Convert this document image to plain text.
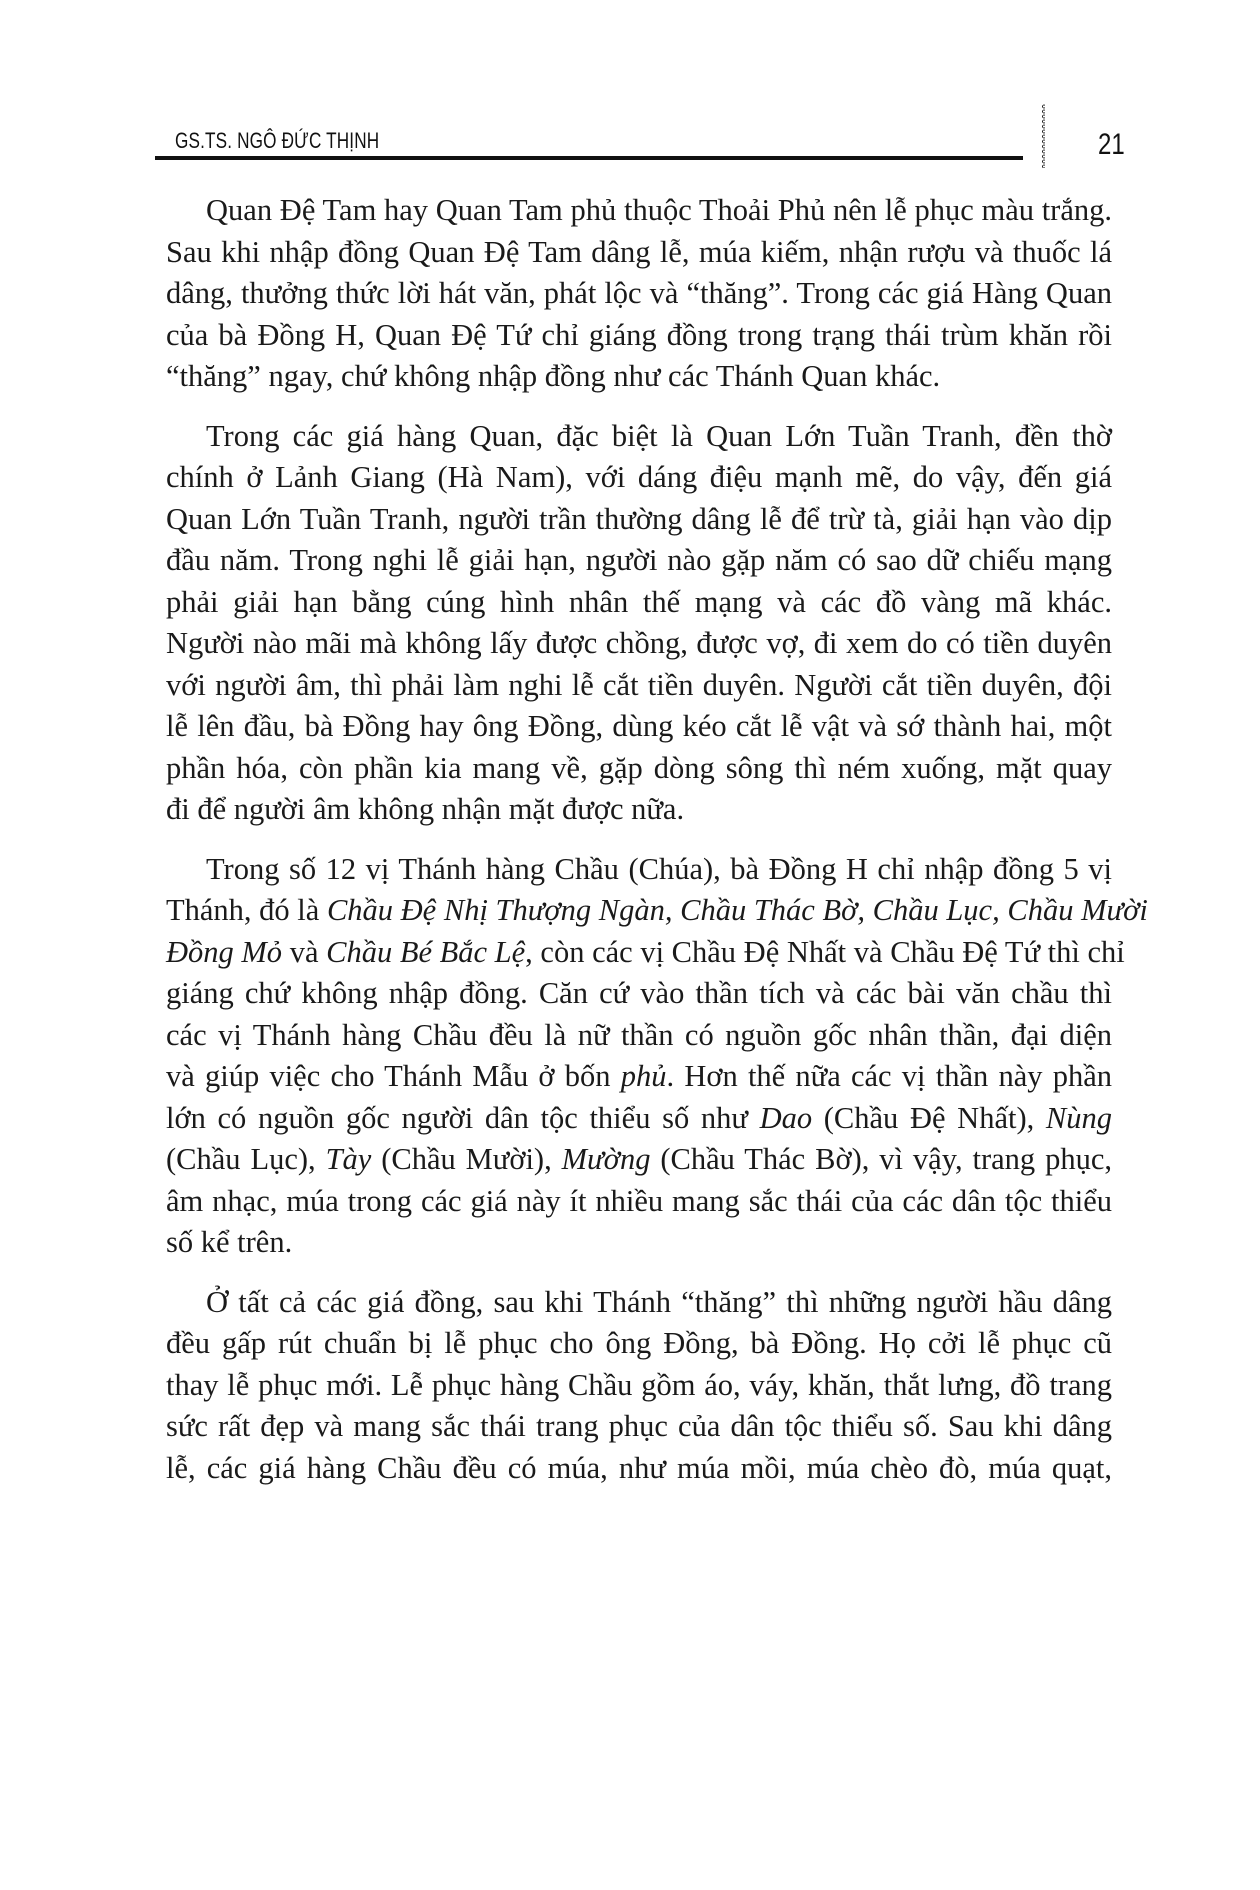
GS.TS. NGÔ ĐỨC THỊNH	21

Quan Đệ Tam hay Quan Tam phủ thuộc Thoải Phủ nên lễ phục màu trắng.
Sau khi nhập đồng Quan Đệ Tam dâng lễ, múa kiếm, nhận rượu và thuốc lá
dâng, thưởng thức lời hát văn, phát lộc và “thăng”. Trong các giá Hàng Quan
của bà Đồng H, Quan Đệ Tứ chỉ giáng đồng trong trạng thái trùm khăn rồi
“thăng” ngay, chứ không nhập đồng như các Thánh Quan khác.

Trong các giá hàng Quan, đặc biệt là Quan Lớn Tuần Tranh, đền thờ
chính ở Lảnh Giang (Hà Nam), với dáng điệu mạnh mẽ, do vậy, đến giá
Quan Lớn Tuần Tranh, người trần thường dâng lễ để trừ tà, giải hạn vào dịp
đầu năm. Trong nghi lễ giải hạn, người nào gặp năm có sao dữ chiếu mạng
phải giải hạn bằng cúng hình nhân thế mạng và các đồ vàng mã khác.
Người nào mãi mà không lấy được chồng, được vợ, đi xem do có tiền duyên
với người âm, thì phải làm nghi lễ cắt tiền duyên. Người cắt tiền duyên, đội
lễ lên đầu, bà Đồng hay ông Đồng, dùng kéo cắt lễ vật và sớ thành hai, một
phần hóa, còn phần kia mang về, gặp dòng sông thì ném xuống, mặt quay
đi để người âm không nhận mặt được nữa.

Trong số 12 vị Thánh hàng Chầu (Chúa), bà Đồng H chỉ nhập đồng 5 vị
Thánh, đó là Chầu Đệ Nhị Thượng Ngàn, Chầu Thác Bờ, Chầu Lục, Chầu Mười
Đồng Mỏ và Chầu Bé Bắc Lệ, còn các vị Chầu Đệ Nhất và Chầu Đệ Tứ thì chỉ
giáng chứ không nhập đồng. Căn cứ vào thần tích và các bài văn chầu thì
các vị Thánh hàng Chầu đều là nữ thần có nguồn gốc nhân thần, đại diện
và giúp việc cho Thánh Mẫu ở bốn phủ. Hơn thế nữa các vị thần này phần
lớn có nguồn gốc người dân tộc thiểu số như Dao (Chầu Đệ Nhất), Nùng
(Chầu Lục), Tày (Chầu Mười), Mường (Chầu Thác Bờ), vì vậy, trang phục,
âm nhạc, múa trong các giá này ít nhiều mang sắc thái của các dân tộc thiểu
số kể trên.

Ở tất cả các giá đồng, sau khi Thánh “thăng” thì những người hầu dâng
đều gấp rút chuẩn bị lễ phục cho ông Đồng, bà Đồng. Họ cởi lễ phục cũ
thay lễ phục mới. Lễ phục hàng Chầu gồm áo, váy, khăn, thắt lưng, đồ trang
sức rất đẹp và mang sắc thái trang phục của dân tộc thiểu số. Sau khi dâng
lễ, các giá hàng Chầu đều có múa, như múa mồi, múa chèo đò, múa quạt,
